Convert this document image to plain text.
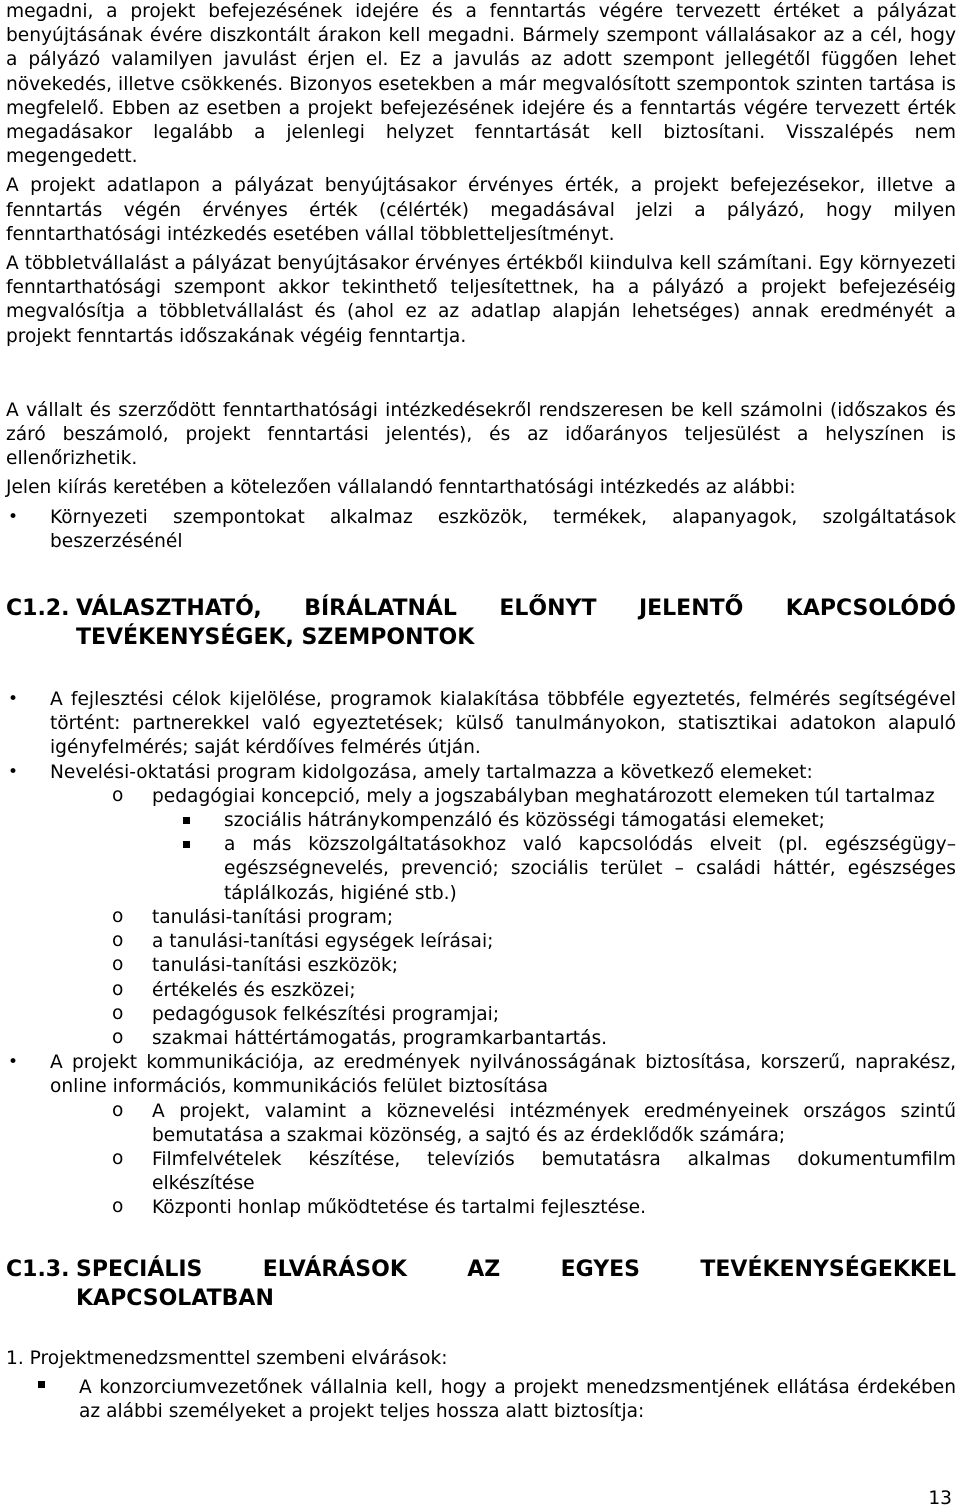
megadni, a projekt befejezésének idejére és a fenntartás végére tervezett értéket a pályázat benyújtásának évére diszkontált árakon kell megadni. Bármely szempont vállalásakor az a cél, hogy a pályázó valamilyen javulást érjen el. Ez a javulás az adott szempont jellegétől függően lehet növekedés, illetve csökkenés. Bizonyos esetekben a már megvalósított szempontok szinten tartása is megfelelő. Ebben az esetben a projekt befejezésének idejére és a fenntartás végére tervezett érték megadásakor legalább a jelenlegi helyzet fenntartását kell biztosítani. Visszalépés nem megengedett.

A projekt adatlapon a pályázat benyújtásakor érvényes érték, a projekt befejezésekor, illetve a fenntartás végén érvényes érték (célérték) megadásával jelzi a pályázó, hogy milyen fenntarthatósági intézkedés esetében vállal többletteljesítményt.

A többletvállalást a pályázat benyújtásakor érvényes értékből kiindulva kell számítani. Egy környezeti fenntarthatósági szempont akkor tekinthető teljesítettnek, ha a pályázó a projekt befejezéséig megvalósítja a többletvállalást és (ahol ez az adatlap alapján lehetséges) annak eredményét a projekt fenntartás időszakának végéig fenntartja.

A vállalt és szerződött fenntarthatósági intézkedésekről rendszeresen be kell számolni (időszakos és záró beszámoló, projekt fenntartási jelentés), és az időarányos teljesülést a helyszínen is ellenőrizhetik.

Jelen kiírás keretében a kötelezően vállalandó fenntarthatósági intézkedés az alábbi:

•	Környezeti szempontokat alkalmaz eszközök, termékek, alapanyagok, szolgáltatások beszerzésénél
C1.2. VÁLASZTHATÓ, BÍRÁLATNÁL ELŐNYT JELENTŐ KAPCSOLÓDÓ TEVÉKENYSÉGEK, SZEMPONTOK
•	A fejlesztési célok kijelölése, programok kialakítása többféle egyeztetés, felmérés segítségével történt: partnerekkel való egyeztetések; külső tanulmányokon, statisztikai adatokon alapuló igényfelmérés; saját kérdőíves felmérés útján.
•	Nevelési-oktatási program kidolgozása, amely tartalmazza a következő elemeket:
o	pedagógiai koncepció, mely a jogszabályban meghatározott elemeken túl tartalmaz
szociális hátránykompenzáló és közösségi támogatási elemeket;
a más közszolgáltatásokhoz való kapcsolódás elveit (pl. egészségügy–egészségnevelés, prevenció; szociális terület – családi háttér, egészséges táplálkozás, higiéné stb.)
o	tanulási-tanítási program;
o	a tanulási-tanítási egységek leírásai;
o	tanulási-tanítási eszközök;
o	értékelés és eszközei;
o	pedagógusok felkészítési programjai;
o	szakmai háttértámogatás, programkarbantartás.
•	A projekt kommunikációja, az eredmények nyilvánosságának biztosítása, korszerű, naprakész, online információs, kommunikációs felület biztosítása
o	A projekt, valamint a köznevelési intézmények eredményeinek országos szintű bemutatása a szakmai közönség, a sajtó és az érdeklődők számára;
o	Filmfelvételek készítése, televíziós bemutatásra alkalmas dokumentumfilm elkészítése
o	Központi honlap működtetése és tartalmi fejlesztése.
C1.3. SPECIÁLIS ELVÁRÁSOK AZ EGYES TEVÉKENYSÉGEKKEL KAPCSOLATBAN

1. Projektmenedzsmenttel szembeni elvárások:

A konzorciumvezetőnek vállalnia kell, hogy a projekt menedzsmentjének ellátása érdekében az alábbi személyeket a projekt teljes hossza alatt biztosítja:
13
